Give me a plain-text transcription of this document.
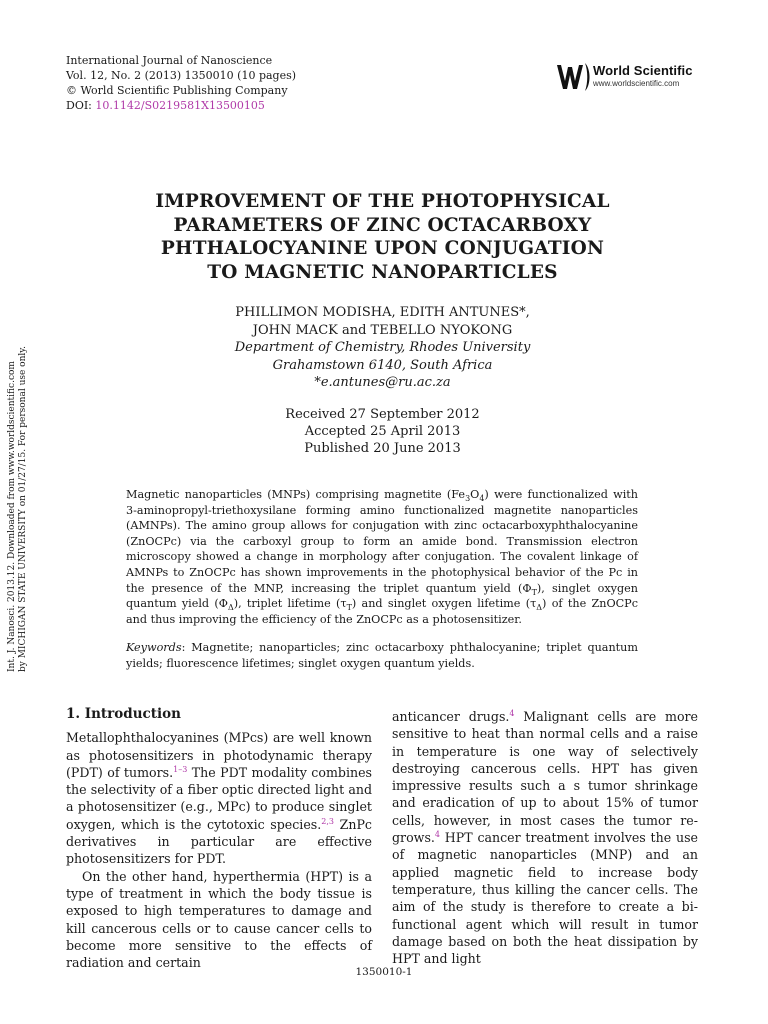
International Journal of Nanoscience
Vol. 12, No. 2 (2013) 1350010 (10 pages)
© World Scientific Publishing Company
DOI: 10.1142/S0219581X13500105
World Scientific
www.worldscientific.com
Int. J. Nanosci. 2013.12. Downloaded from www.worldscientific.com by MICHIGAN STATE UNIVERSITY on 01/27/15. For personal use only.
IMPROVEMENT OF THE PHOTOPHYSICAL
PARAMETERS OF ZINC OCTACARBOXY
PHTHALOCYANINE UPON CONJUGATION
TO MAGNETIC NANOPARTICLES
PHILLIMON MODISHA, EDITH ANTUNES*,
JOHN MACK and TEBELLO NYOKONG
Department of Chemistry, Rhodes University
Grahamstown 6140, South Africa
*e.antunes@ru.ac.za
Received 27 September 2012
Accepted 25 April 2013
Published 20 June 2013
Magnetic nanoparticles (MNPs) comprising magnetite $(Fe_3O_4)$ were functionalized with 3-aminopropyl-triethoxysilane forming amino functionalized magnetite nanoparticles (AMNPs). The amino group allows for conjugation with zinc octacarboxyphthalocyanine (ZnOCPc) via the carboxyl group to form an amide bond. Transmission electron microscopy showed a change in morphology after conjugation. The covalent linkage of AMNPs to ZnOCPc has shown improvements in the photophysical behavior of the Pc in the presence of the MNP, increasing the triplet quantum yield $(\Phi_T)$, singlet oxygen quantum yield $(\Phi_\Delta)$, triplet lifetime $(\tau_T)$ and singlet oxygen lifetime $(\tau_\Delta)$ of the ZnOCPc and thus improving the efficiency of the ZnOCPc as a photosensitizer.
Keywords: Magnetite; nanoparticles; zinc octacarboxy phthalocyanine; triplet quantum yields; fluorescence lifetimes; singlet oxygen quantum yields.
1. Introduction

Metallophthalocyanines (MPcs) are well known as photosensitizers in photodynamic therapy (PDT) of tumors.$^{1-3}$ The PDT modality combines the selectivity of a fiber optic directed light and a photosensitizer (e.g., MPc) to produce singlet oxygen, which is the cytotoxic species.$^{2,3}$ ZnPc derivatives in particular are effective photosensitizers for PDT.

On the other hand, hyperthermia (HPT) is a type of treatment in which the body tissue is exposed to high temperatures to damage and kill cancerous cells or to cause cancer cells to become more sensitive to the effects of radiation and certain

anticancer drugs.$^4$ Malignant cells are more sensitive to heat than normal cells and a raise in temperature is one way of selectively destroying cancerous cells. HPT has given impressive results such a s tumor shrinkage and eradication of up to about 15% of tumor cells, however, in most cases the tumor re-grows.$^4$ HPT cancer treatment involves the use of magnetic nanoparticles (MNP) and an applied magnetic field to increase body temperature, thus killing the cancer cells. The aim of the study is therefore to create a bi-functional agent which will result in tumor damage based on both the heat dissipation by HPT and light

1350010-1
